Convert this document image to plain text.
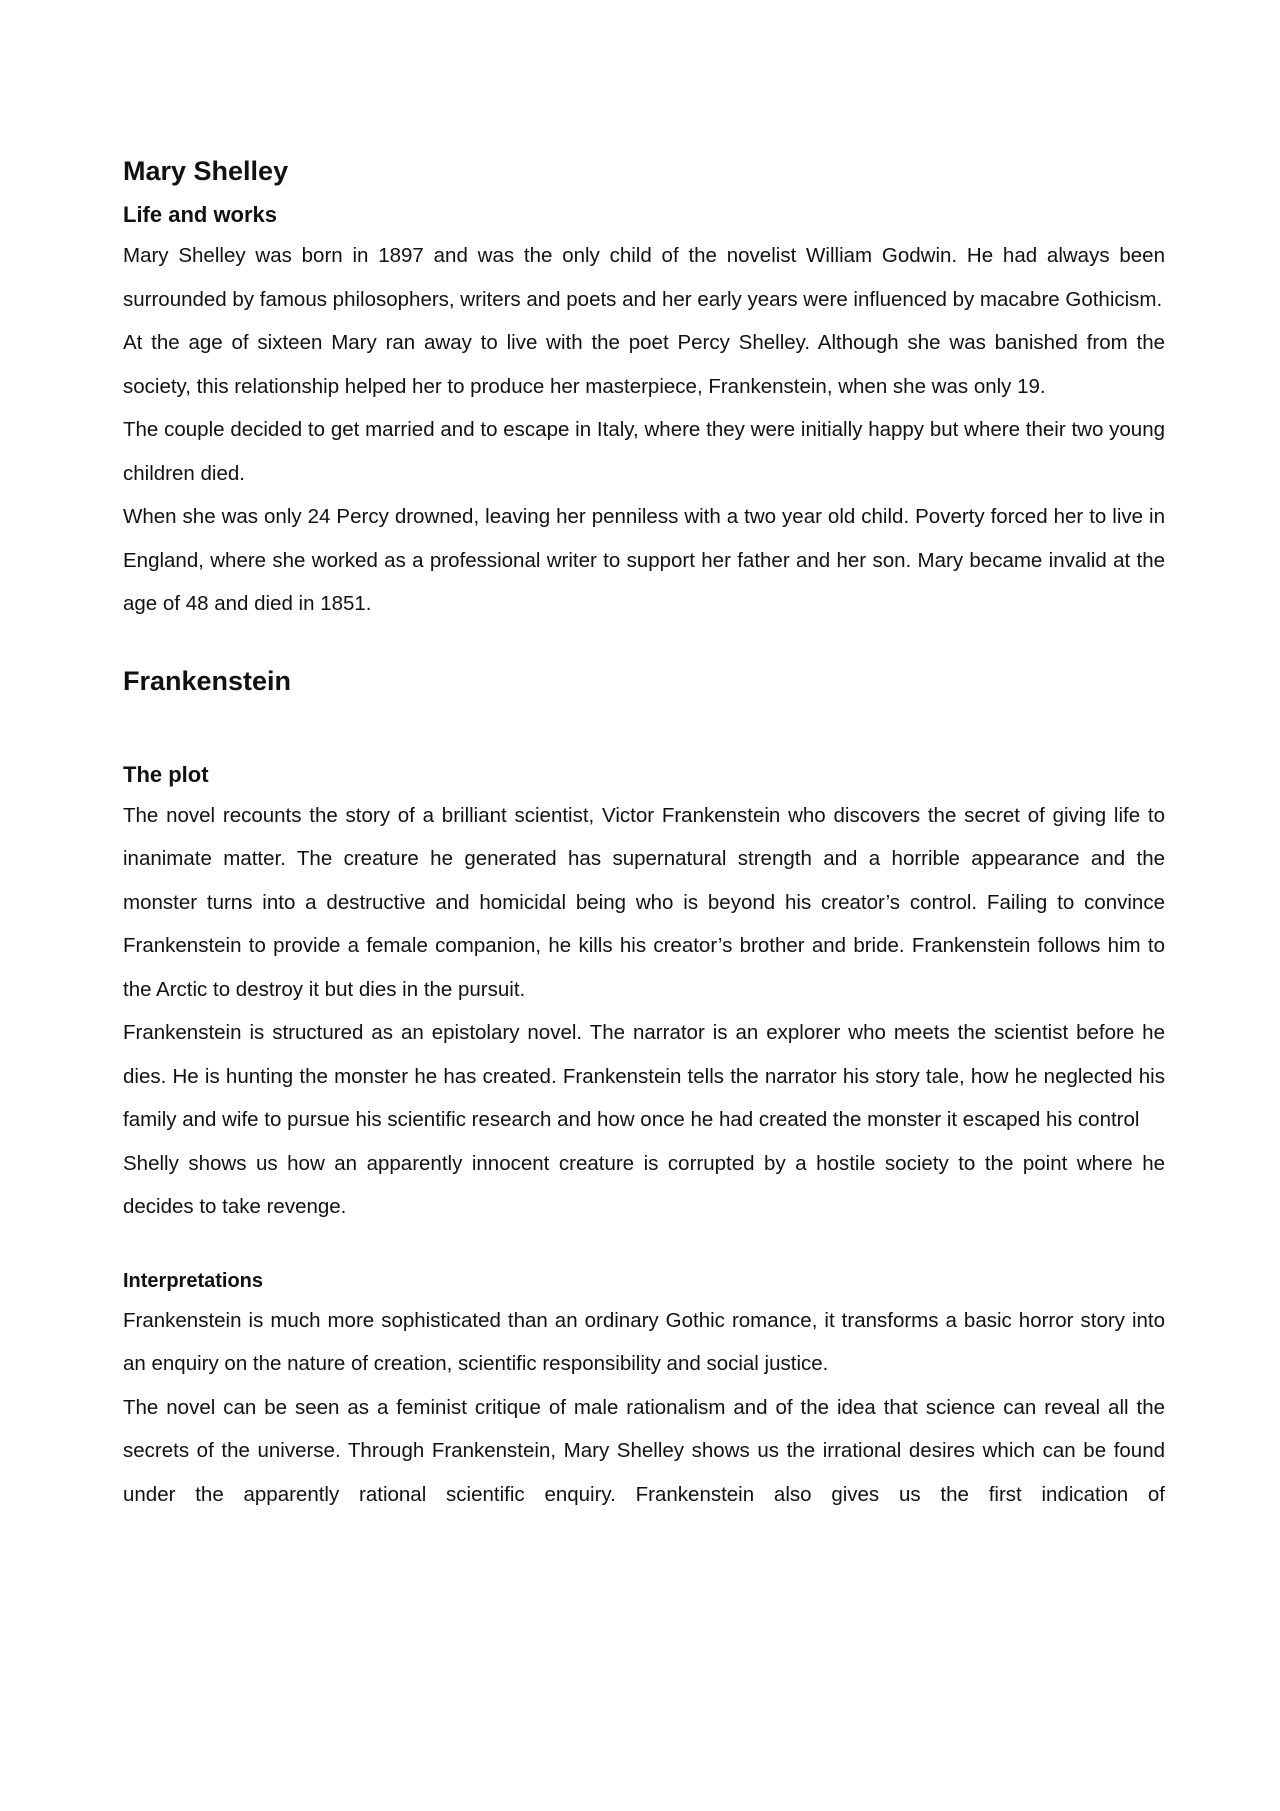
Mary Shelley
Life and works

Mary Shelley was born in 1897 and was the only child of the novelist William Godwin. He had always been surrounded by famous philosophers, writers and poets and her early years were influenced by macabre Gothicism.

At the age of sixteen Mary ran away to live with the poet Percy Shelley. Although she was banished from the society, this relationship helped her to produce her masterpiece, Frankenstein, when she was only 19.

The couple decided to get married and to escape in Italy, where they were initially happy but where their two young children died.

When she was only 24 Percy drowned, leaving her penniless with a two year old child. Poverty forced her to live in England, where she worked as a professional writer to support her father and her son. Mary became invalid at the age of 48 and died in 1851.

Frankenstein
The plot

The novel recounts the story of a brilliant scientist, Victor Frankenstein who discovers the secret of giving life to inanimate matter. The creature he generated has supernatural strength and a horrible appearance and the monster turns into a destructive and homicidal being who is beyond his creator’s control. Failing to convince Frankenstein to provide a female companion, he kills his creator’s brother and bride. Frankenstein follows him to the Arctic to destroy it but dies in the pursuit.

Frankenstein is structured as an epistolary novel. The narrator is an explorer who meets the scientist before he dies. He is hunting the monster he has created. Frankenstein tells the narrator his story tale, how he neglected his family and wife to pursue his scientific research and how once he had created the monster it escaped his control

Shelly shows us how an apparently innocent creature is corrupted by a hostile society to the point where he decides to take revenge.

Interpretations

Frankenstein is much more sophisticated than an ordinary Gothic romance, it transforms a basic horror story into an enquiry on the nature of creation, scientific responsibility and social justice.

The novel can be seen as a feminist critique of male rationalism and of the idea that science can reveal all the secrets of the universe. Through Frankenstein, Mary Shelley shows us the irrational desires which can be found under the apparently rational scientific enquiry. Frankenstein also gives us the first indication of
